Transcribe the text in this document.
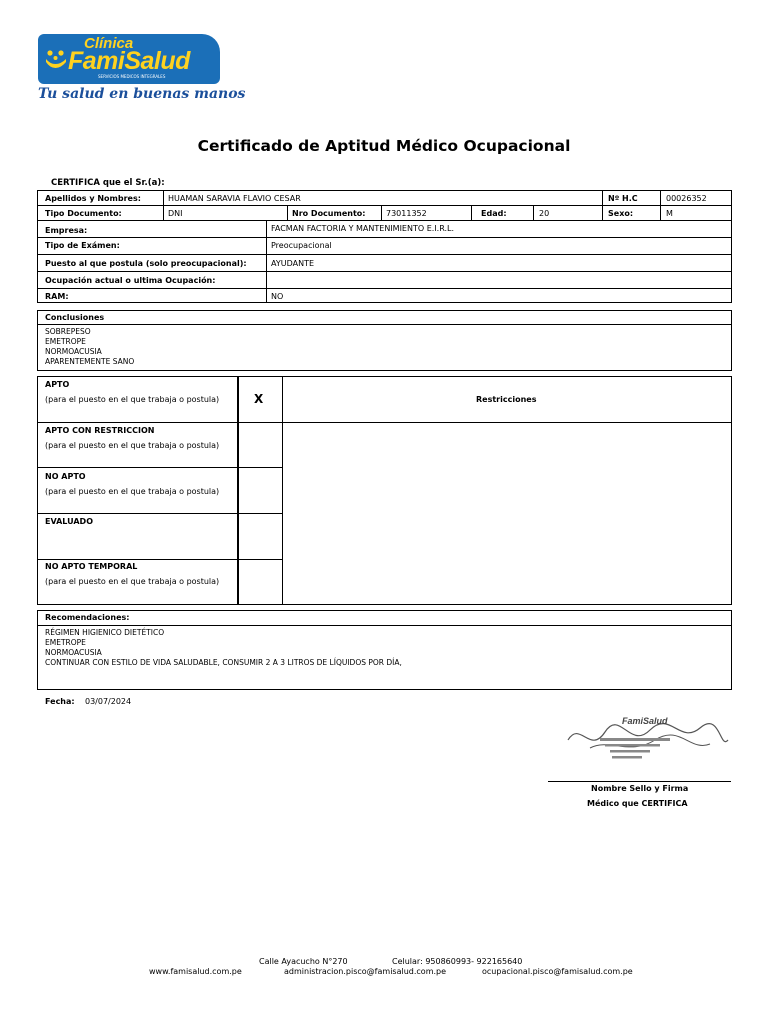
Clínica
FamiSalud
SERVICIOS MEDICOS INTEGRALES
Tu salud en buenas manos
Certificado de Aptitud Médico Ocupacional
CERTIFICA que el Sr.(a):
Apellidos y Nombres:	HUAMAN SARAVIA FLAVIO CESAR	Nº H.C	00026352
Tipo Documento:	DNI	Nro Documento:	73011352	Edad:	20	Sexo:	M
Empresa:	FACMAN FACTORIA Y MANTENIMIENTO E.I.R.L.
Tipo de Exámen:	Preocupacional
Puesto al que postula (solo preocupacional):	AYUDANTE
Ocupación actual o ultima Ocupación:
RAM:	NO
Conclusiones
SOBREPESO
EMETROPE
NORMOACUSIA
APARENTEMENTE SANO
APTO
(para el puesto en el que trabaja o postula)	X	Restricciones
APTO CON RESTRICCION
(para el puesto en el que trabaja o postula)
NO APTO
(para el puesto en el que trabaja o postula)
EVALUADO
NO APTO TEMPORAL
(para el puesto en el que trabaja o postula)
Recomendaciones:
RÉGIMEN HIGIENICO DIETÉTICO
EMETROPE
NORMOACUSIA
CONTINUAR CON ESTILO DE VIDA SALUDABLE, CONSUMIR 2 A 3 LITROS DE LÍQUIDOS POR DÍA,
Fecha: 03/07/2024
FamiSalud
Nombre Sello y Firma
Médico que CERTIFICA
Calle Ayacucho N°270	Celular: 950860993- 922165640
www.famisalud.com.pe	administracion.pisco@famisalud.com.pe	ocupacional.pisco@famisalud.com.pe
